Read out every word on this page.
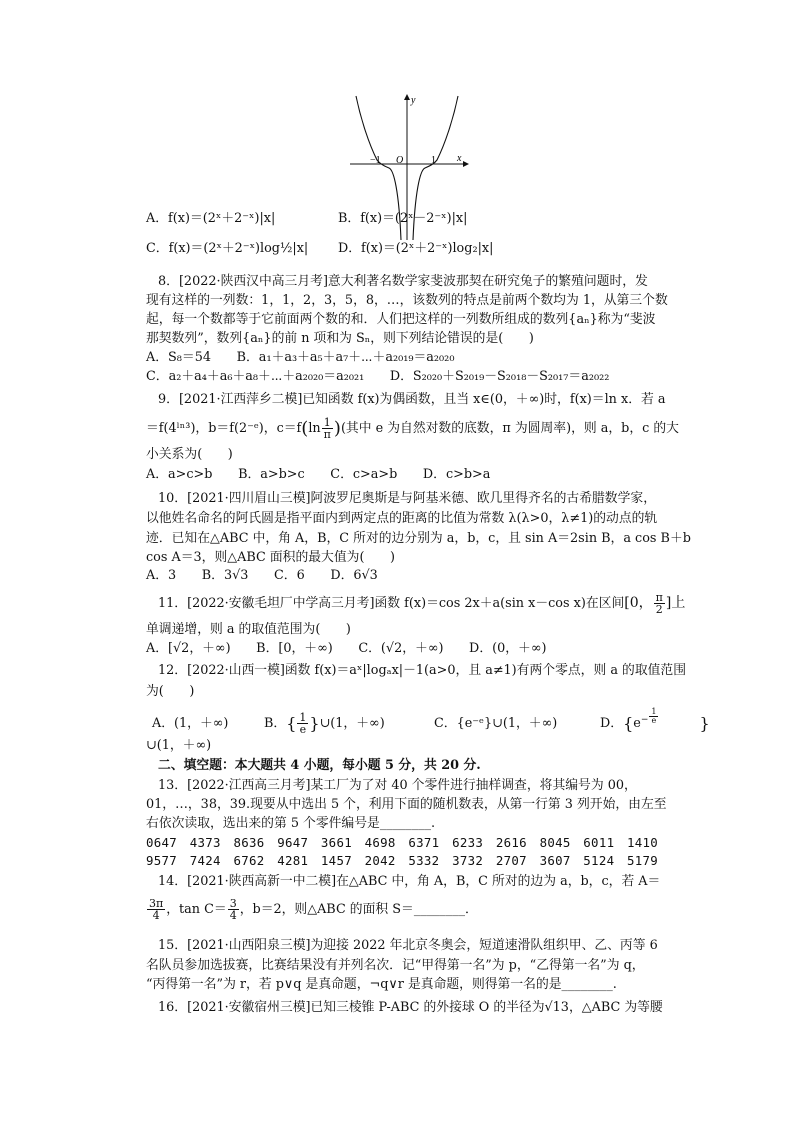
y
x
O
−1	1
A．f(x)＝(2ˣ＋2⁻ˣ)|x|	B．f(x)＝(2ˣ－2⁻ˣ)|x|
C．f(x)＝(2ˣ＋2⁻ˣ)log½|x| D．f(x)＝(2ˣ＋2⁻ˣ)log₂|x|
8．[2022·陕西汉中高三月考]意大利著名数学家斐波那契在研究兔子的繁殖问题时，发
现有这样的一列数：1，1，2，3，5，8，…，该数列的特点是前两个数均为 1，从第三个数
起，每一个数都等于它前面两个数的和．人们把这样的一列数所组成的数列{aₙ}称为“斐波
那契数列”，数列{aₙ}的前 n 项和为 Sₙ，则下列结论错误的是(　　)
A．S₈＝54　　B．a₁＋a₃＋a₅＋a₇＋⋯＋a₂₀₁₉＝a₂₀₂₀
C．a₂＋a₄＋a₆＋a₈＋⋯＋a₂₀₂₀＝a₂₀₂₁　　D．S₂₀₂₀＋S₂₀₁₉－S₂₀₁₈－S₂₀₁₇＝a₂₀₂₂
9．[2021·江西萍乡二模]已知函数 f(x)为偶函数，且当 x∈(0，＋∞)时，f(x)＝ln x．若 a
＝f(4ˡⁿ³)，b＝f(2⁻ᵉ)，$c=f(\ln \frac{1}{\pi}$ )(其中 e 为自然对数的底数，π 为圆周率)，则 a，b，c 的大
小关系为(　　)
A．a>c>b　　B．a>b>c　　C．c>a>b　　D．c>b>a
10．[2021·四川眉山三模]阿波罗尼奥斯是与阿基米德、欧几里得齐名的古希腊数学家，
以他姓名命名的阿氏圆是指平面内到两定点的距离的比值为常数 λ(λ>0，λ≠1)的动点的轨
迹．已知在△ABC 中，角 A，B，C 所对的边分别为 a，b，c，且 sin A＝2sin B，a cos B＋b
cos A＝3，则△ABC 面积的最大值为(　　)
A．3　　B．3√3　　C．6　　D．6√3
11．[2022·安徽毛坦厂中学高三月考]函数 f(x)＝cos 2x＋a(sin x－cos x)在区间[0， $\frac{\pi}{2}$ ]上
单调递增，则 a 的取值范围为(　　)
A．[√2，＋∞)　　B．[0，＋∞)　　C．(√2，＋∞)　　D．(0，＋∞)
12．[2022·山西一模]函数 f(x)＝aˣ|logₐx|－1(a>0，且 a≠1)有两个零点，则 a 的取值范围
为(　　)
A．(1，＋∞)	B．{ $\frac{1}{e}$ }∪(1，＋∞)	C．{e⁻ᵉ}∪(1，＋∞)	D．{$e- \frac{1}{e}$	}
∪(1，＋∞)
二、填空题：本大题共 4 小题，每小题 5 分，共 20 分.
13．[2022·江西高三月考]某工厂为了对 40 个零件进行抽样调查，将其编号为 00，
01，…，38，39.现要从中选出 5 个，利用下面的随机数表，从第一行第 3 列开始，由左至
右依次读取，选出来的第 5 个零件编号是________.
0647　4373　8636　9647　3661　4698　6371　6233　2616　8045　6011　1410
9577　7424　6762　4281　1457　2042　5332　3732　2707　3607　5124　5179
14．[2021·陕西高新一中二模]在△ABC 中，角 A，B，C 所对的边为 a，b，c，若 A＝
$\frac{3\pi}{4}$ ，$\tan C= \frac{3}{4}$ ，b＝2，则△ABC 的面积 S＝________．
15．[2021·山西阳泉三模]为迎接 2022 年北京冬奥会，短道速滑队组织甲、乙、丙等 6
名队员参加选拔赛，比赛结果没有并列名次．记“甲得第一名”为 p，“乙得第一名”为 q，
“丙得第一名”为 r，若 p∨q 是真命题，¬q∨r 是真命题，则得第一名的是________.
16．[2021·安徽宿州三模]已知三棱锥 P-ABC 的外接球 O 的半径为√13，△ABC 为等腰
